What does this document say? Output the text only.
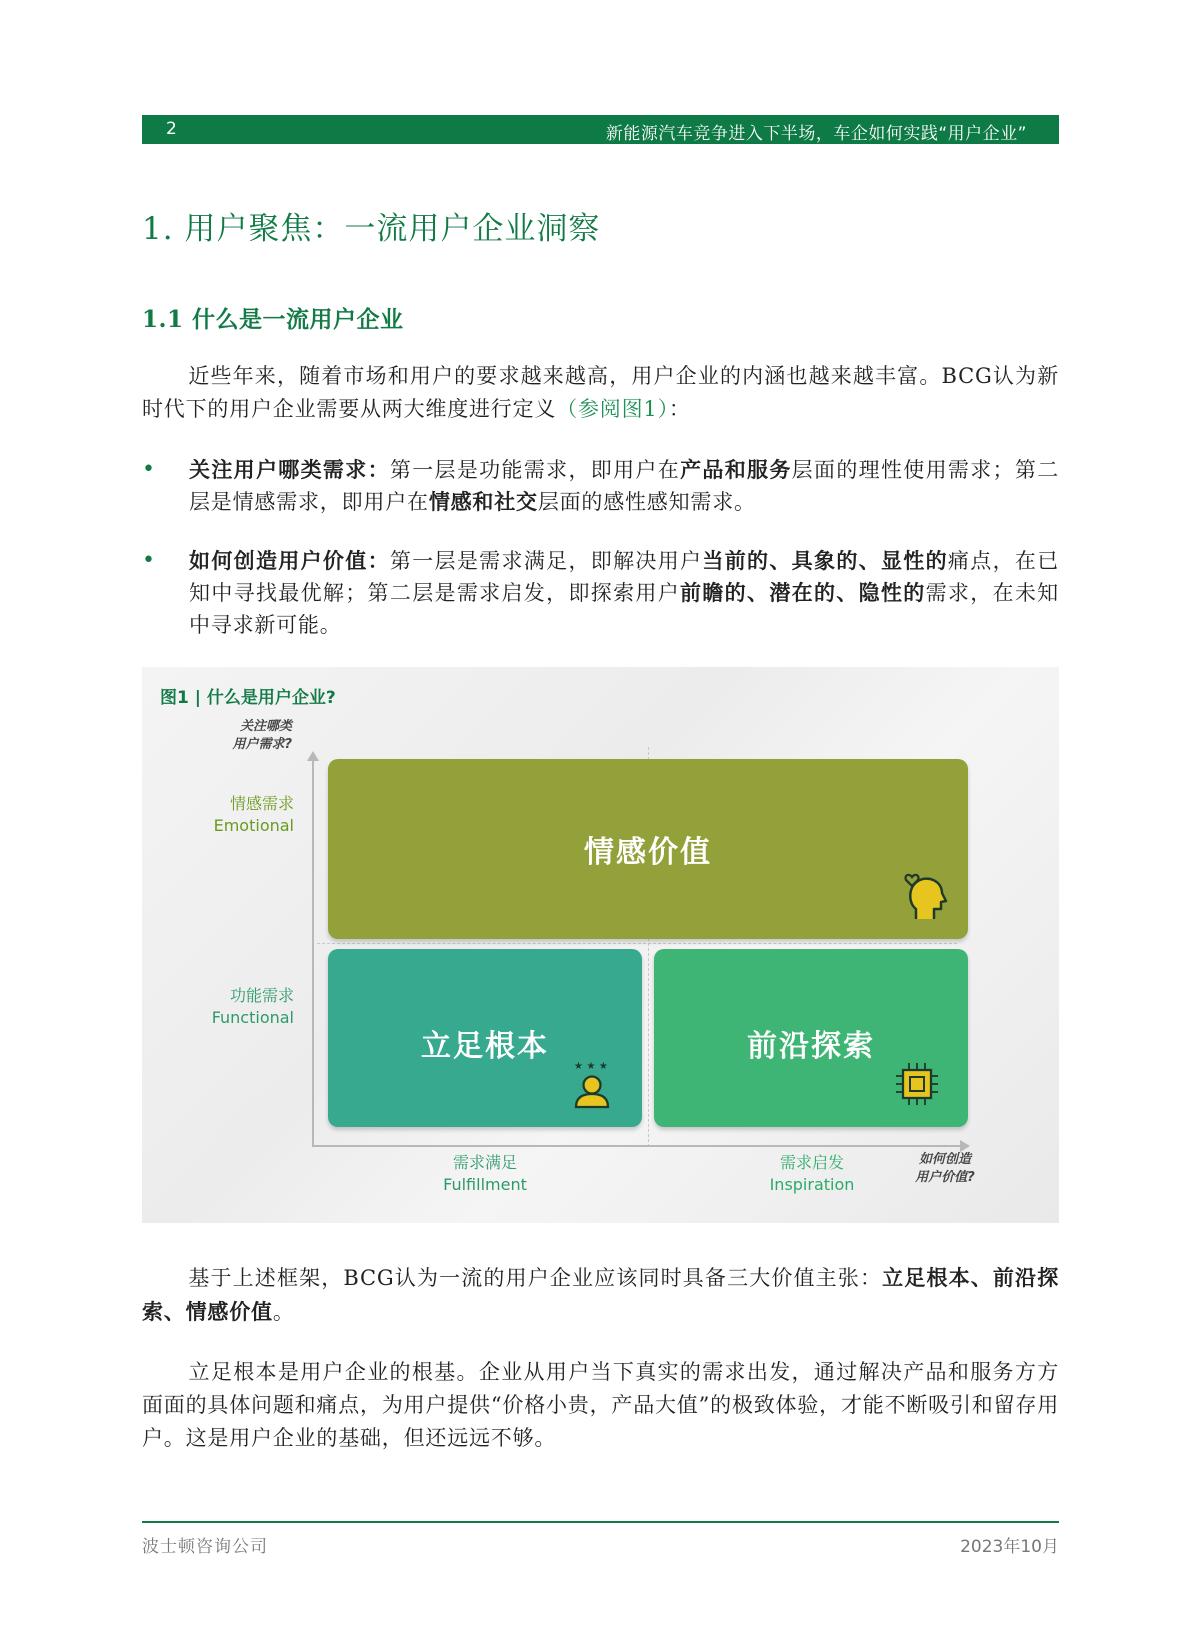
2	新能源汽车竞争进入下半场，车企如何实践“用户企业”
1. 用户聚焦：一流用户企业洞察
1.1 什么是一流用户企业
近些年来，随着市场和用户的要求越来越高，用户企业的内涵也越来越丰富。BCG认为新时代下的用户企业需要从两大维度进行定义（参阅图1）：
• 关注用户哪类需求：第一层是功能需求，即用户在产品和服务层面的理性使用需求；第二层是情感需求，即用户在情感和社交层面的感性感知需求。
• 如何创造用户价值：第一层是需求满足，即解决用户当前的、具象的、显性的痛点，在已知中寻找最优解；第二层是需求启发，即探索用户前瞻的、潜在的、隐性的需求，在未知中寻求新可能。
图1 | 什么是用户企业?
关注哪类
用户需求?
情感需求
Emotional
功能需求
Functional
需求满足
Fulfillment
需求启发
Inspiration
如何创造
用户价值?
情感价值
立足根本
★ ★ ★
前沿探索
基于上述框架，BCG认为一流的用户企业应该同时具备三大价值主张：立足根本、前沿探索、情感价值。
立足根本是用户企业的根基。企业从用户当下真实的需求出发，通过解决产品和服务方方面面的具体问题和痛点，为用户提供“价格小贵，产品大值”的极致体验，才能不断吸引和留存用户。这是用户企业的基础，但还远远不够。
波士顿咨询公司	2023年10月
